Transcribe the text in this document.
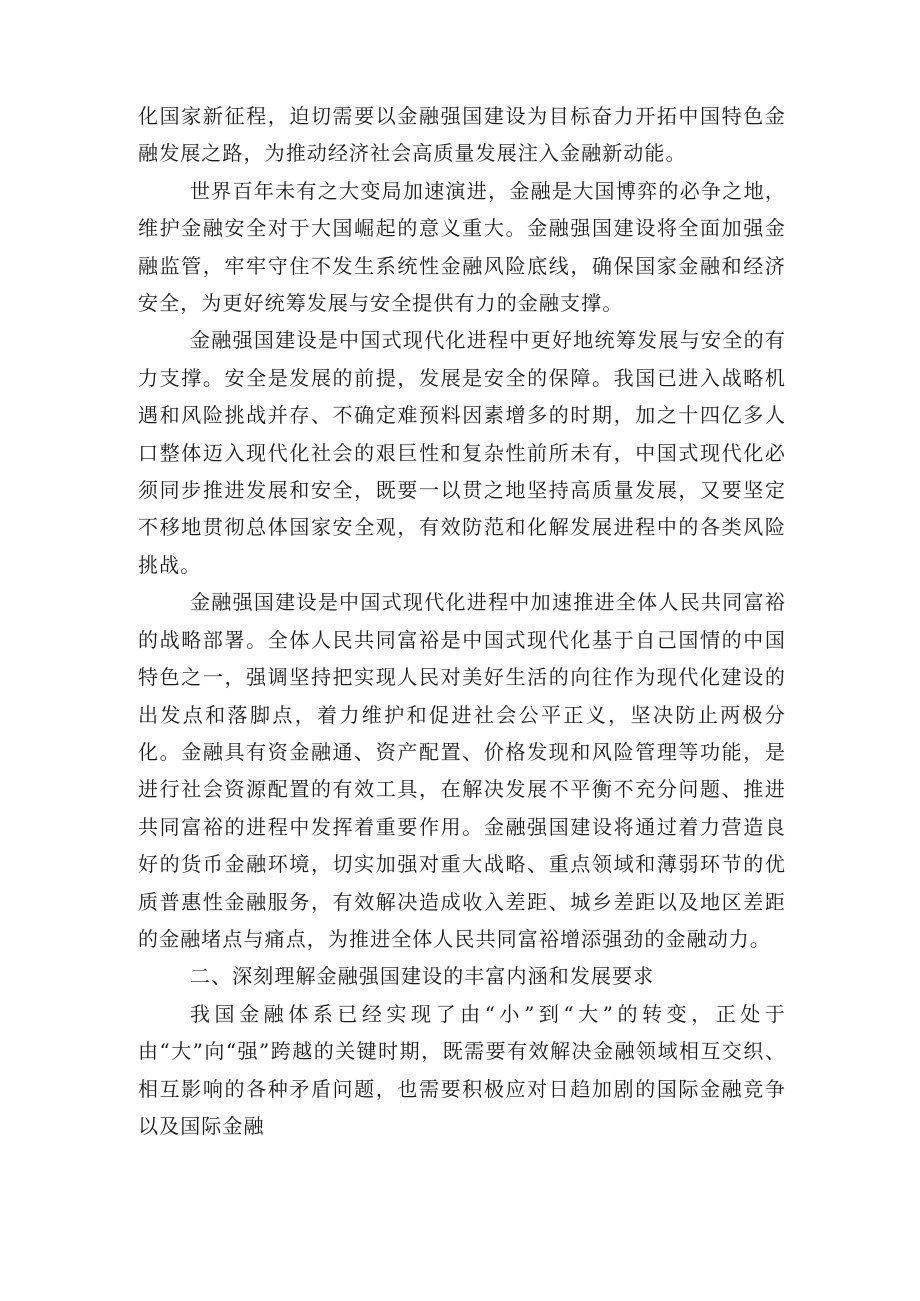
化国家新征程，迫切需要以金融强国建设为目标奋力开拓中国特色金融发展之路，为推动经济社会高质量发展注入金融新动能。

世界百年未有之大变局加速演进，金融是大国博弈的必争之地，维护金融安全对于大国崛起的意义重大。金融强国建设将全面加强金融监管，牢牢守住不发生系统性金融风险底线，确保国家金融和经济安全，为更好统筹发展与安全提供有力的金融支撑。

金融强国建设是中国式现代化进程中更好地统筹发展与安全的有力支撑。安全是发展的前提，发展是安全的保障。我国已进入战略机遇和风险挑战并存、不确定难预料因素增多的时期，加之十四亿多人口整体迈入现代化社会的艰巨性和复杂性前所未有，中国式现代化必须同步推进发展和安全，既要一以贯之地坚持高质量发展，又要坚定不移地贯彻总体国家安全观，有效防范和化解发展进程中的各类风险挑战。

金融强国建设是中国式现代化进程中加速推进全体人民共同富裕的战略部署。全体人民共同富裕是中国式现代化基于自己国情的中国特色之一，强调坚持把实现人民对美好生活的向往作为现代化建设的出发点和落脚点，着力维护和促进社会公平正义，坚决防止两极分化。金融具有资金融通、资产配置、价格发现和风险管理等功能，是进行社会资源配置的有效工具，在解决发展不平衡不充分问题、推进共同富裕的进程中发挥着重要作用。金融强国建设将通过着力营造良好的货币金融环境，切实加强对重大战略、重点领域和薄弱环节的优质普惠性金融服务，有效解决造成收入差距、城乡差距以及地区差距的金融堵点与痛点，为推进全体人民共同富裕增添强劲的金融动力。

二、深刻理解金融强国建设的丰富内涵和发展要求

我国金融体系已经实现了由“小”到“大”的转变，正处于由“大”向“强”跨越的关键时期，既需要有效解决金融领域相互交织、相互影响的各种矛盾问题，也需要积极应对日趋加剧的国际金融竞争以及国际金融
